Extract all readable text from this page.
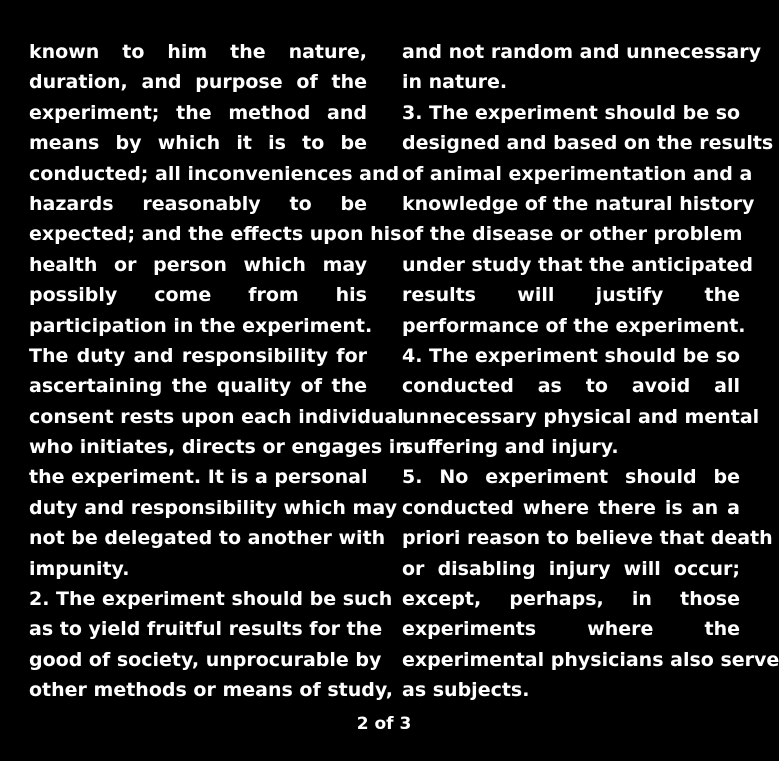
known to him the nature,
duration, and purpose of the
experiment; the method and
means by which it is to be
conducted; all inconveniences and
hazards reasonably to be
expected; and the effects upon his
health or person which may
possibly come from his
participation in the experiment.
The duty and responsibility for
ascertaining the quality of the
consent rests upon each individual
who initiates, directs or engages in
the experiment. It is a personal
duty and responsibility which may
not be delegated to another with
impunity.
2. The experiment should be such
as to yield fruitful results for the
good of society, unprocurable by
other methods or means of study,
and not random and unnecessary
in nature.
3. The experiment should be so
designed and based on the results
of animal experimentation and a
knowledge of the natural history
of the disease or other problem
under study that the anticipated
results will justify the
performance of the experiment.
4. The experiment should be so
conducted as to avoid all
unnecessary physical and mental
suffering and injury.
5. No experiment should be
conducted where there is an a
priori reason to believe that death
or disabling injury will occur;
except, perhaps, in those
experiments where the
experimental physicians also serve
as subjects.
2 of 3
